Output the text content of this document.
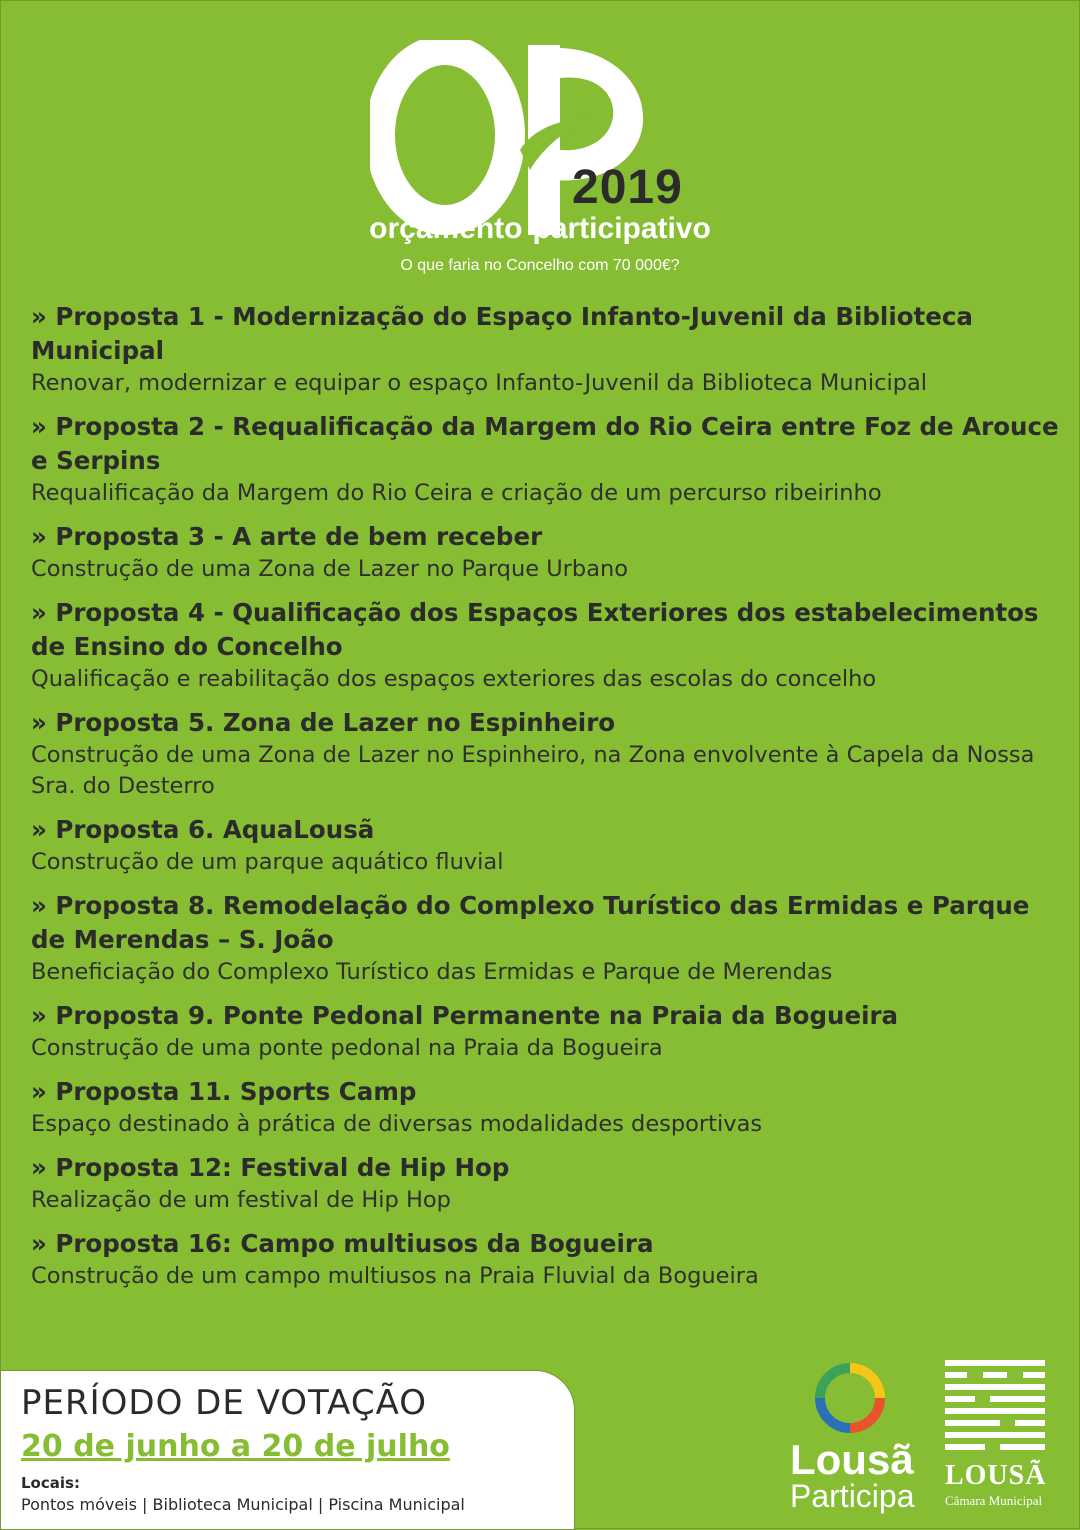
2019
orçamento participativo
O que faria no Concelho com 70 000€?
» Proposta 1 - Modernização do Espaço Infanto-Juvenil da Biblioteca Municipal
Renovar, modernizar e equipar o espaço Infanto-Juvenil da Biblioteca Municipal
» Proposta 2 - Requalificação da Margem do Rio Ceira entre Foz de Arouce e Serpins
Requalificação da Margem do Rio Ceira e criação de um percurso ribeirinho
» Proposta 3 - A arte de bem receber
Construção de uma Zona de Lazer no Parque Urbano
» Proposta 4 - Qualificação dos Espaços Exteriores dos estabelecimentos de Ensino do Concelho
Qualificação e reabilitação dos espaços exteriores das escolas do concelho
» Proposta 5. Zona de Lazer no Espinheiro
Construção de uma Zona de Lazer no Espinheiro, na Zona envolvente à Capela da Nossa Sra. do Desterro
» Proposta 6. AquaLousã
Construção de um parque aquático fluvial
» Proposta 8. Remodelação do Complexo Turístico das Ermidas e Parque de Merendas – S. João
Beneficiação do Complexo Turístico das Ermidas e Parque de Merendas
» Proposta 9. Ponte Pedonal Permanente na Praia da Bogueira
Construção de uma ponte pedonal na Praia da Bogueira
» Proposta 11. Sports Camp
Espaço destinado à prática de diversas modalidades desportivas
» Proposta 12: Festival de Hip Hop
Realização de um festival de Hip Hop
» Proposta 16: Campo multiusos da Bogueira
Construção de um campo multiusos na Praia Fluvial da Bogueira
PERÍODO DE VOTAÇÃO
20 de junho a 20 de julho
Locais:
Pontos móveis | Biblioteca Municipal | Piscina Municipal
Lousã
Participa
LOUSÃ
Câmara Municipal
